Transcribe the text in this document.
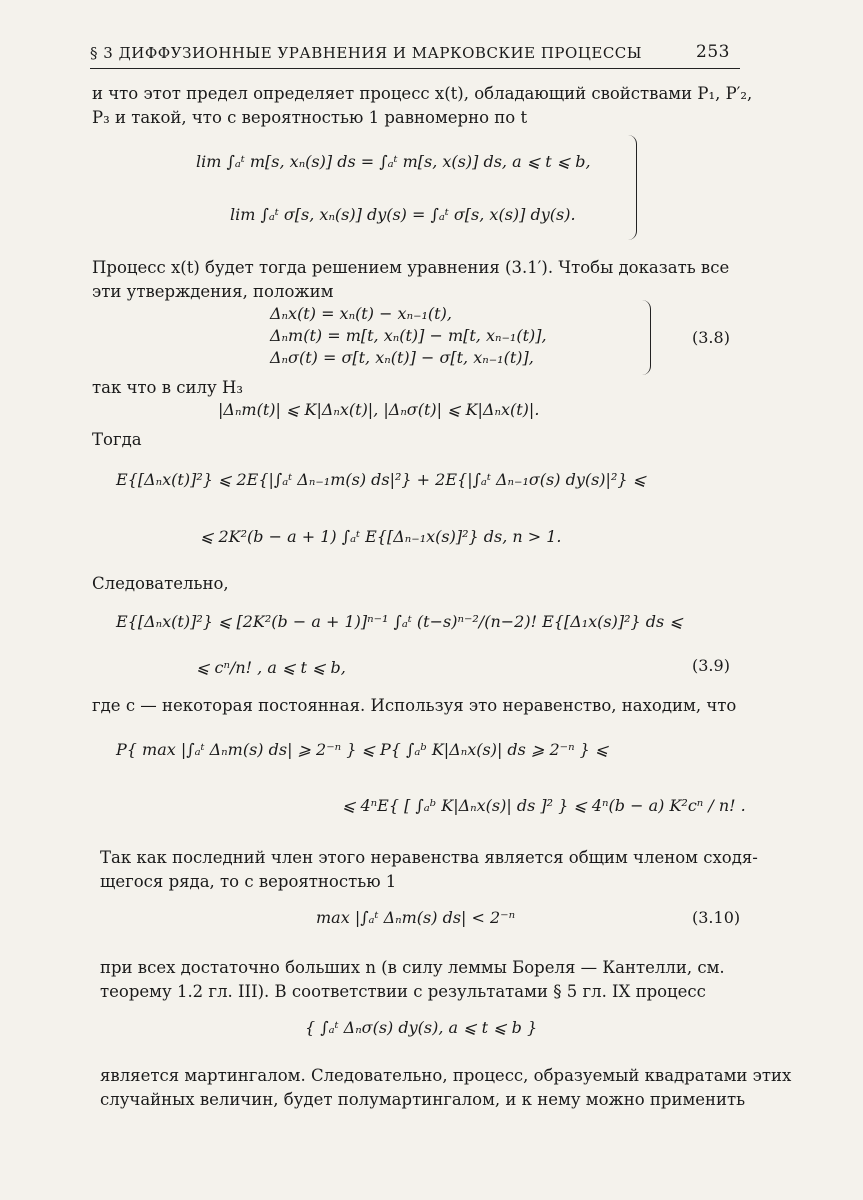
§ 3 ДИФФУЗИОННЫЕ УРАВНЕНИЯ И МАРКОВСКИЕ ПРОЦЕССЫ	253
и что этот предел определяет процесс x(t), обладающий свойствами P₁, P′₂,
P₃ и такой, что с вероятностью 1 равномерно по t
lim ∫ₐᵗ m[s, xₙ(s)] ds = ∫ₐᵗ m[s, x(s)] ds, a ⩽ t ⩽ b,
lim ∫ₐᵗ σ[s, xₙ(s)] dy(s) = ∫ₐᵗ σ[s, x(s)] dy(s).
Процесс x(t) будет тогда решением уравнения (3.1′). Чтобы доказать все
эти утверждения, положим
Δₙx(t) = xₙ(t) − xₙ₋₁(t),
Δₙm(t) = m[t, xₙ(t)] − m[t, xₙ₋₁(t)],
Δₙσ(t) = σ[t, xₙ(t)] − σ[t, xₙ₋₁(t)],
(3.8)
так что в силу H₃
|Δₙm(t)| ⩽ K|Δₙx(t)|, |Δₙσ(t)| ⩽ K|Δₙx(t)|.
Тогда
E{[Δₙx(t)]²} ⩽ 2E{|∫ₐᵗ Δₙ₋₁m(s) ds|²} + 2E{|∫ₐᵗ Δₙ₋₁σ(s) dy(s)|²} ⩽
⩽ 2K²(b − a + 1) ∫ₐᵗ E{[Δₙ₋₁x(s)]²} ds, n > 1.
Следовательно,
E{[Δₙx(t)]²} ⩽ [2K²(b − a + 1)]ⁿ⁻¹ ∫ₐᵗ (t−s)ⁿ⁻²/(n−2)! E{[Δ₁x(s)]²} ds ⩽
⩽ cⁿ/n! , a ⩽ t ⩽ b,	(3.9)
где c — некоторая постоянная. Используя это неравенство, находим, что
P{ max |∫ₐᵗ Δₙm(s) ds| ⩾ 2⁻ⁿ } ⩽ P{ ∫ₐᵇ K|Δₙx(s)| ds ⩾ 2⁻ⁿ } ⩽
⩽ 4ⁿE{ [ ∫ₐᵇ K|Δₙx(s)| ds ]² } ⩽ 4ⁿ(b − a) K²cⁿ / n! .
Так как последний член этого неравенства является общим членом сходя-
щегося ряда, то с вероятностью 1
max |∫ₐᵗ Δₙm(s) ds| < 2⁻ⁿ	(3.10)
при всех достаточно больших n (в силу леммы Бореля — Кантелли, см.
теорему 1.2 гл. III). В соответствии с результатами § 5 гл. IX процесс
{ ∫ₐᵗ Δₙσ(s) dy(s), a ⩽ t ⩽ b }
является мартингалом. Следовательно, процесс, образуемый квадратами этих
случайных величин, будет полумартингалом, и к нему можно применить
